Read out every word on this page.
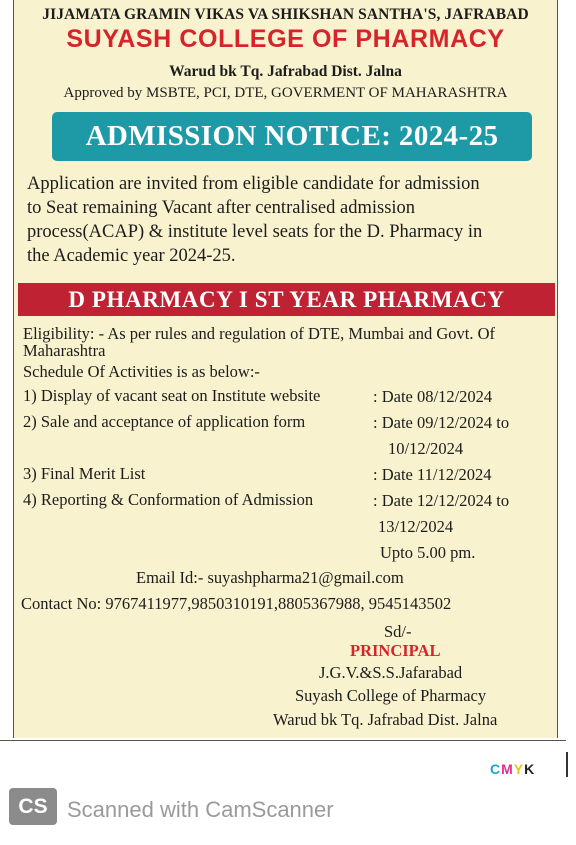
JIJAMATA GRAMIN VIKAS VA SHIKSHAN SANTHA'S, JAFRABAD
SUYASH COLLEGE OF PHARMACY
Warud bk Tq. Jafrabad Dist. Jalna
Approved by MSBTE, PCI, DTE, GOVERMENT OF MAHARASHTRA
ADMISSION NOTICE: 2024-25
Application are invited from eligible candidate for admission
to Seat remaining Vacant after centralised admission
process(ACAP) & institute level seats for the D. Pharmacy in
the Academic year 2024-25.
D PHARMACY I ST YEAR PHARMACY
Eligibility: - As per rules and regulation of DTE, Mumbai and Govt. Of
Maharashtra
Schedule Of Activities is as below:-
1) Display of vacant seat on Institute website	: Date 08/12/2024
2) Sale and acceptance of application form	: Date 09/12/2024 to
10/12/2024
3) Final Merit List	: Date 11/12/2024
4) Reporting & Conformation of Admission	: Date 12/12/2024 to
13/12/2024
Upto 5.00 pm.
Email Id:- suyashpharma21@gmail.com
Contact No: 9767411977,9850310191,8805367988, 9545143502
Sd/-
PRINCIPAL
J.G.V.&S.S.Jafarabad
Suyash College of Pharmacy
Warud bk Tq. Jafrabad Dist. Jalna
CMYK
CS Scanned with CamScanner
